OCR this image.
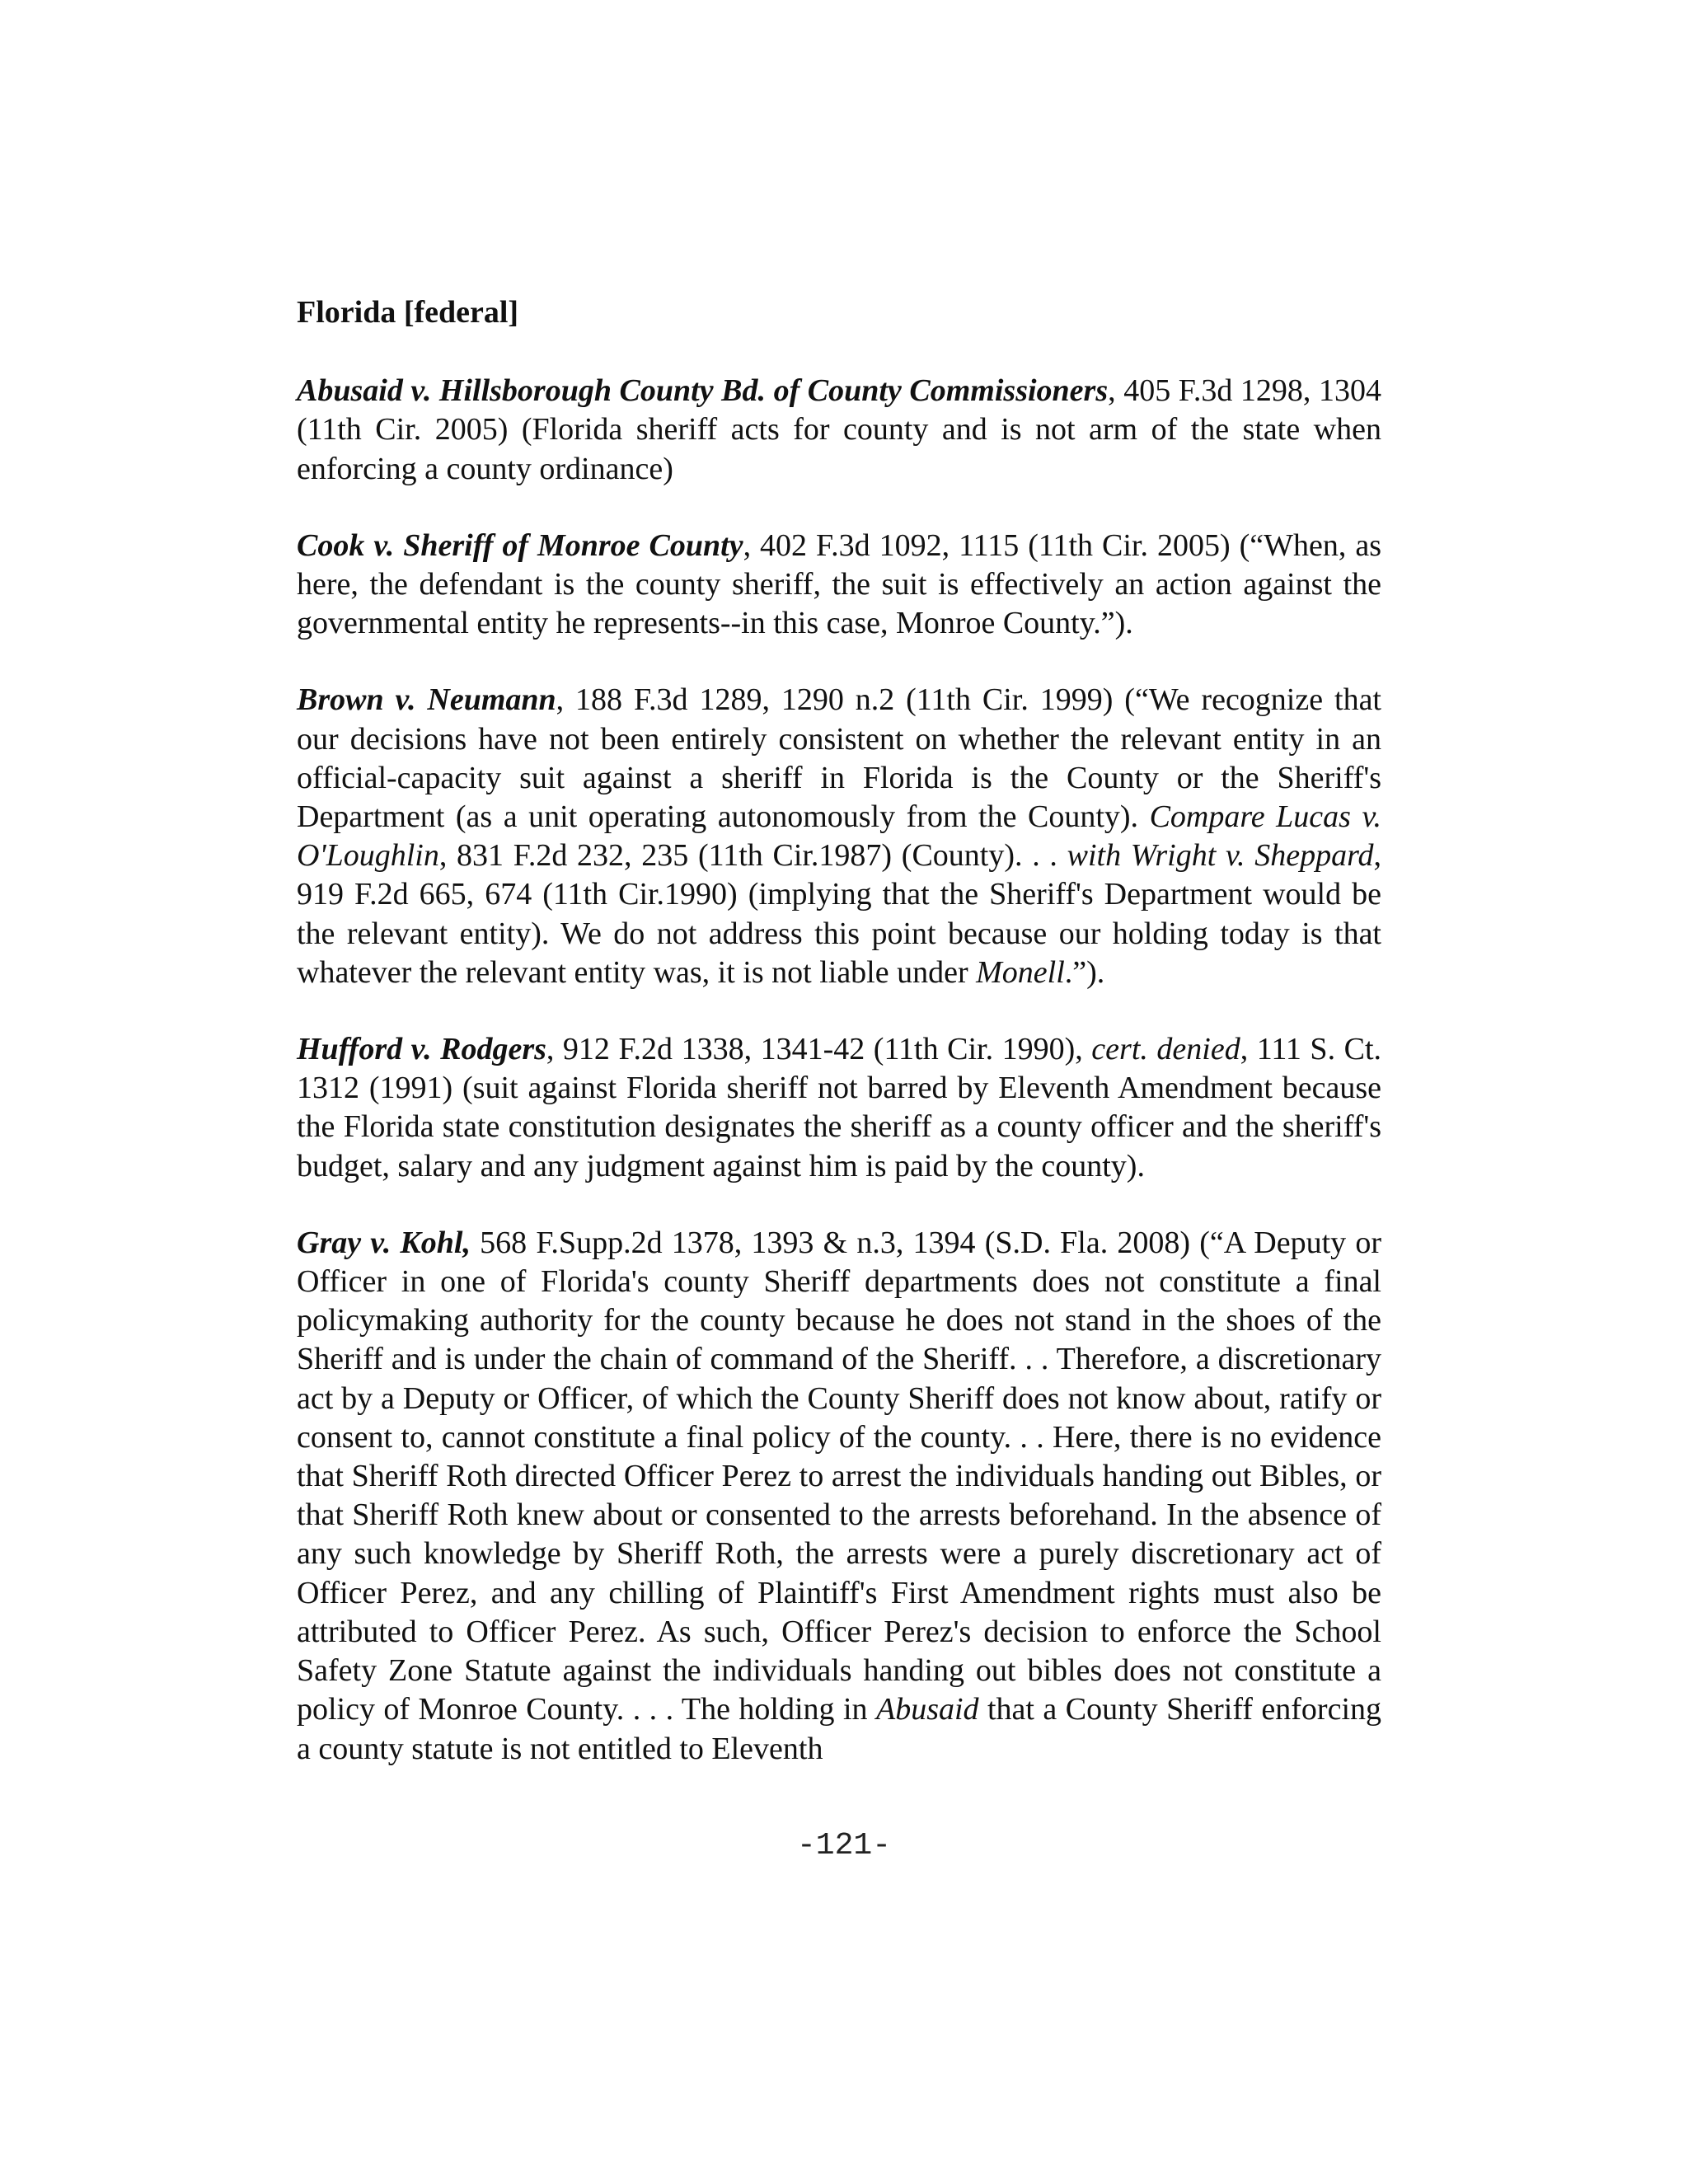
Florida [federal]

Abusaid v. Hillsborough County Bd. of County Commissioners, 405 F.3d 1298, 1304 (11th Cir. 2005) (Florida sheriff acts for county and is not arm of the state when enforcing a county ordinance)

Cook v. Sheriff of Monroe County, 402 F.3d 1092, 1115 (11th Cir. 2005) (“When, as here, the defendant is the county sheriff, the suit is effectively an action against the governmental entity he represents--in this case, Monroe County.”).

Brown v. Neumann, 188 F.3d 1289, 1290 n.2 (11th Cir. 1999) (“We recognize that our decisions have not been entirely consistent on whether the relevant entity in an official-capacity suit against a sheriff in Florida is the County or the Sheriff's Department (as a unit operating autonomously from the County). Compare Lucas v. O'Loughlin, 831 F.2d 232, 235 (11th Cir.1987) (County). . . with Wright v. Sheppard, 919 F.2d 665, 674 (11th Cir.1990) (implying that the Sheriff's Department would be the relevant entity). We do not address this point because our holding today is that whatever the relevant entity was, it is not liable under Monell.”).

Hufford v. Rodgers, 912 F.2d 1338, 1341-42 (11th Cir. 1990), cert. denied, 111 S. Ct. 1312 (1991) (suit against Florida sheriff not barred by Eleventh Amendment because the Florida state constitution designates the sheriff as a county officer and the sheriff's budget, salary and any judgment against him is paid by the county).

Gray v. Kohl, 568 F.Supp.2d 1378, 1393 & n.3, 1394 (S.D. Fla. 2008) (“A Deputy or Officer in one of Florida's county Sheriff departments does not constitute a final policymaking authority for the county because he does not stand in the shoes of the Sheriff and is under the chain of command of the Sheriff. . . Therefore, a discretionary act by a Deputy or Officer, of which the County Sheriff does not know about, ratify or consent to, cannot constitute a final policy of the county. . . Here, there is no evidence that Sheriff Roth directed Officer Perez to arrest the individuals handing out Bibles, or that Sheriff Roth knew about or consented to the arrests beforehand. In the absence of any such knowledge by Sheriff Roth, the arrests were a purely discretionary act of Officer Perez, and any chilling of Plaintiff's First Amendment rights must also be attributed to Officer Perez. As such, Officer Perez's decision to enforce the School Safety Zone Statute against the individuals handing out bibles does not constitute a policy of Monroe County. . . . The holding in Abusaid that a County Sheriff enforcing a county statute is not entitled to Eleventh

-121-
